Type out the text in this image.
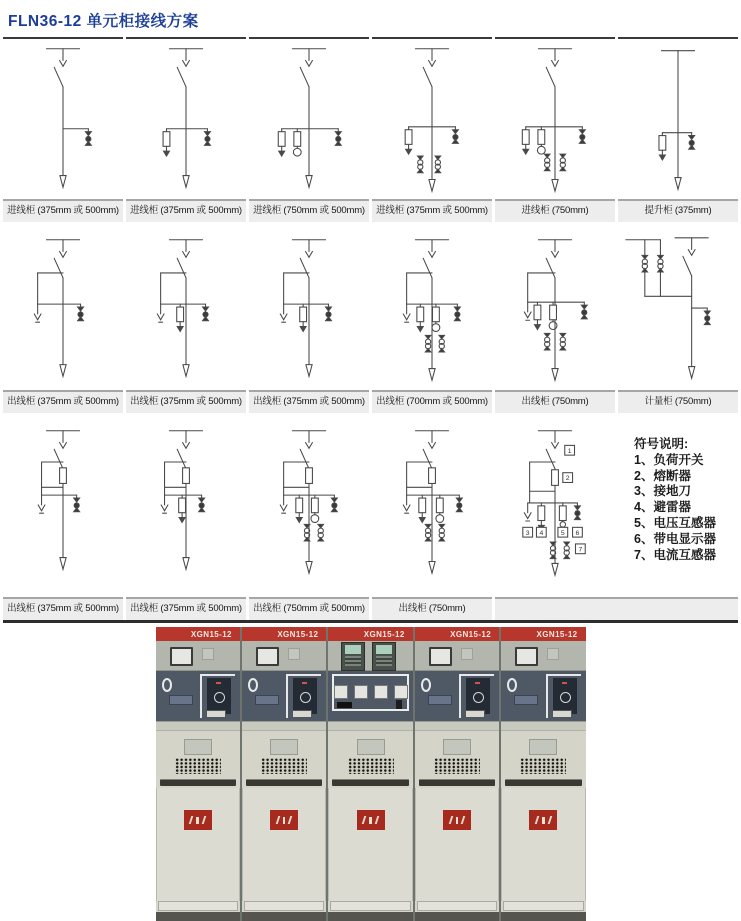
FLN36-12 单元柜接线方案
进线柜 (375mm 或 500mm)	进线柜 (375mm 或 500mm)	进线柜 (750mm 或 500mm)	进线柜 (375mm 或 500mm)	进线柜 (750mm)	提升柜 (375mm)
出线柜 (375mm 或 500mm)	出线柜 (375mm 或 500mm)	出线柜 (375mm 或 500mm)	出线柜 (700mm 或 500mm)	出线柜 (750mm)	计量柜 (750mm)
1
2
3 4	5 6
7
符号说明:
1、负荷开关
2、熔断器
3、接地刀
4、避雷器
5、电压互感器
6、带电显示器
7、电流互感器
出线柜 (375mm 或 500mm)	出线柜 (375mm 或 500mm)	出线柜 (750mm 或 500mm)	出线柜 (750mm)
XGN15-12	XGN15-12	XGN15-12	XGN15-12	XGN15-12
